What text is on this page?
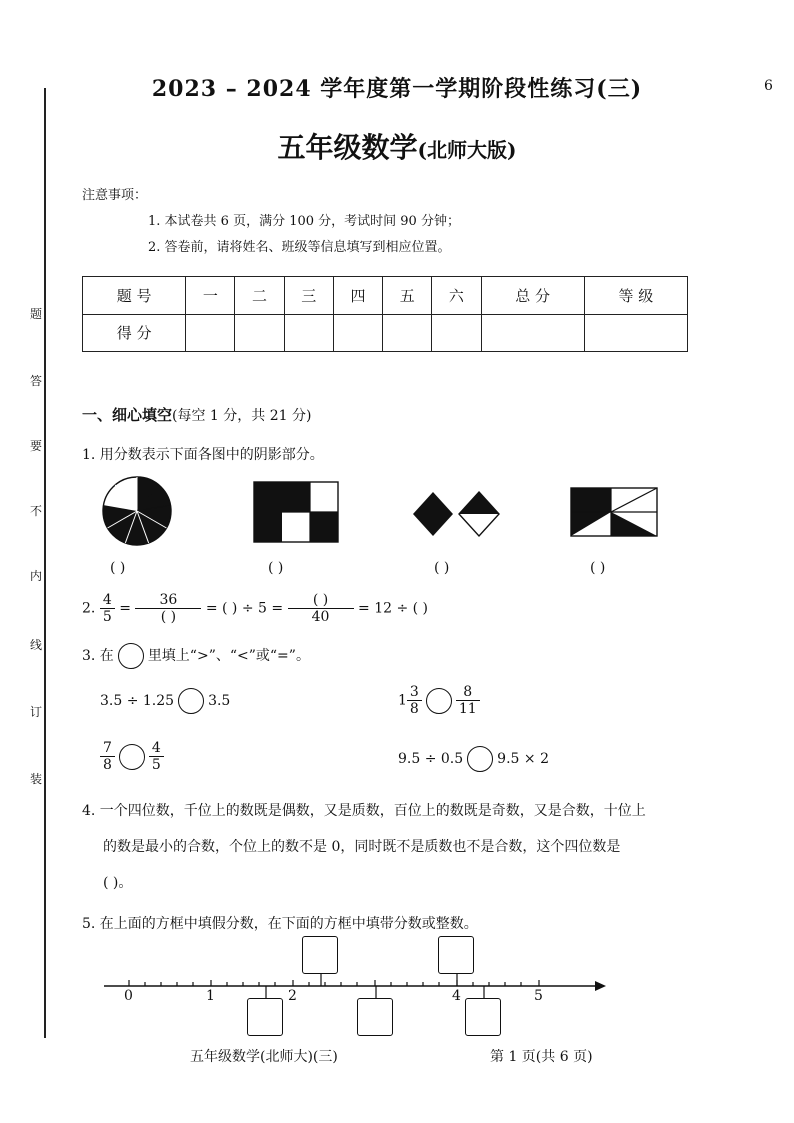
2023 – 2024 学年度第一学期阶段性练习(三)
五年级数学(北师大版)
6
题
答
要
不
内
线
订
装
注意事项：
1. 本试卷共 6 页，满分 100 分，考试时间 90 分钟；
2. 答卷前，请将姓名、班级等信息填写到相应位置。
题 号	一	二	三	四	五	六	总 分	等 级
得 分								
一、细心填空(每空 1 分，共 21 分)
1. 用分数表示下面各图中的阴影部分。
( )	( )	( )	( )
2. $\frac{4}{5} = \frac{36}{( )}$ = ( ) ÷ $5 = \frac{( )}{40} = 12$ ÷ ( )
3. 在 里填上“>”、“<”或“=”。
3.5 ÷ 1.25 3.5	$1 \frac{3}{8} \frac{8}{11}$
$\frac{7}{8} \frac{4}{5}$	9.5 ÷ 0.5 9.5 × 2
4. 一个四位数，千位上的数既是偶数，又是质数，百位上的数既是奇数，又是合数，十位上
的数是最小的合数，个位上的数不是 0，同时既不是质数也不是合数，这个四位数是
( )。
5. 在上面的方框中填假分数，在下面的方框中填带分数或整数。
0	1	2	4	5
五年级数学(北师大)(三)	第 1 页(共 6 页)
